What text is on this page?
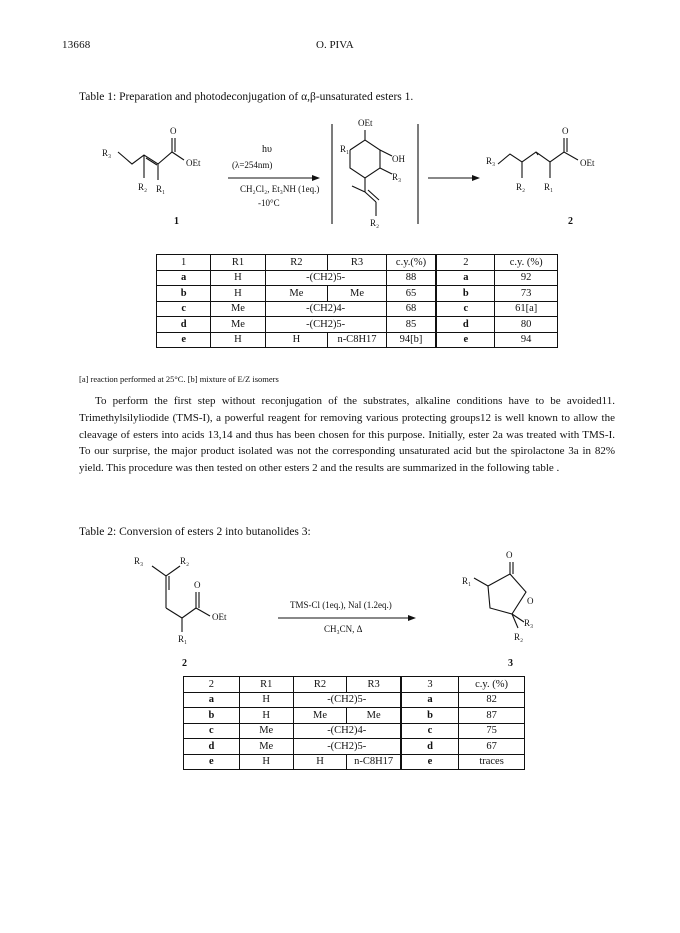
13668	O. PIVA
Table 1: Preparation and photodeconjugation of α,β-unsaturated esters 1.
R₃
O
OEt
R₂ R₁
hυ
(λ=254nm)
CH₂Cl₂, Et₃NH (1eq.)
-10°C
OEt
R₁
OH
R₃
R₂
R₃
O
OEt
R₂ R₁
1	2
1	R1	R2	R3	c.y.(%)	2	c.y. (%)
a	H	-(CH2)5-		88	a	92
b	H	Me	Me	65	b	73
c	Me	-(CH2)4-		68	c	61[a]
d	Me	-(CH2)5-		85	d	80
e	H	H	n-C8H17	94[b]	e	94
[a] reaction performed at 25°C. [b] mixture of E/Z isomers

To perform the first step without reconjugation of the substrates, alkaline conditions have to be avoided11. Trimethylsilyliodide (TMS-I), a powerful reagent for removing various protecting groups12 is well known to allow the cleavage of esters into acids 13,14 and thus has been chosen for this purpose. Initially, ester 2a was treated with TMS-I. To our surprise, the major product isolated was not the corresponding unsaturated acid but the spirolactone 3a in 82% yield. This procedure was then tested on other esters 2 and the results are summarized in the following table .

Table 2: Conversion of esters 2 into butanolides 3:
R₃	R₂
O
OEt
R₁
TMS-Cl (1eq.), NaI (1.2eq.)
CH₃CN, Δ
O
R₁
O
R₃
R₂
2	3
2	R1	R2	R3	3	c.y. (%)
a	H	-(CH2)5-		a	82
b	H	Me	Me	b	87
c	Me	-(CH2)4-		c	75
d	Me	-(CH2)5-		d	67
e	H	H	n-C8H17	e	traces
